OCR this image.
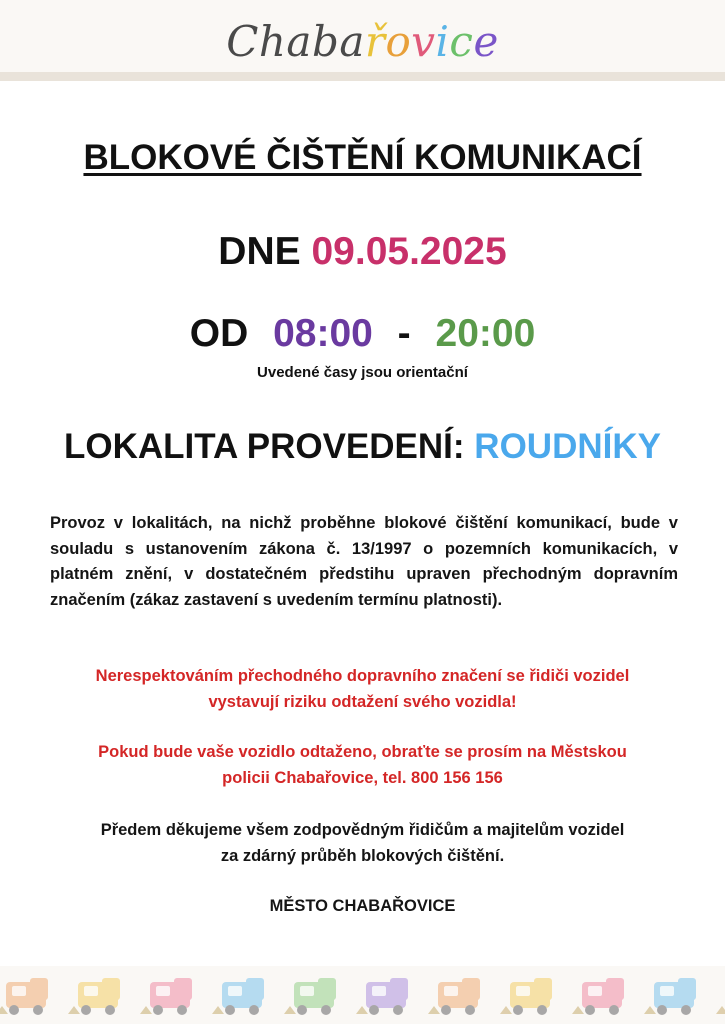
Chabařovice
BLOKOVÉ ČIŠTĚNÍ KOMUNIKACÍ
DNE 09.05.2025
OD 08:00 - 20:00
Uvedené časy jsou orientační
LOKALITA PROVEDENÍ: ROUDNÍKY
Provoz v lokalitách, na nichž proběhne blokové čištění komunikací, bude v souladu s ustanovením zákona č. 13/1997 o pozemních komunikacích, v platném znění, v dostatečném předstihu upraven přechodným dopravním značením (zákaz zastavení s uvedením termínu platnosti).
Nerespektováním přechodného dopravního značení se řidiči vozidel
vystavují riziku odtažení svého vozidla!
Pokud bude vaše vozidlo odtaženo, obraťte se prosím na Městskou
policii Chabařovice, tel. 800 156 156
Předem děkujeme všem zodpovědným řidičům a majitelům vozidel
za zdárný průběh blokových čištění.
MĚSTO CHABAŘOVICE
